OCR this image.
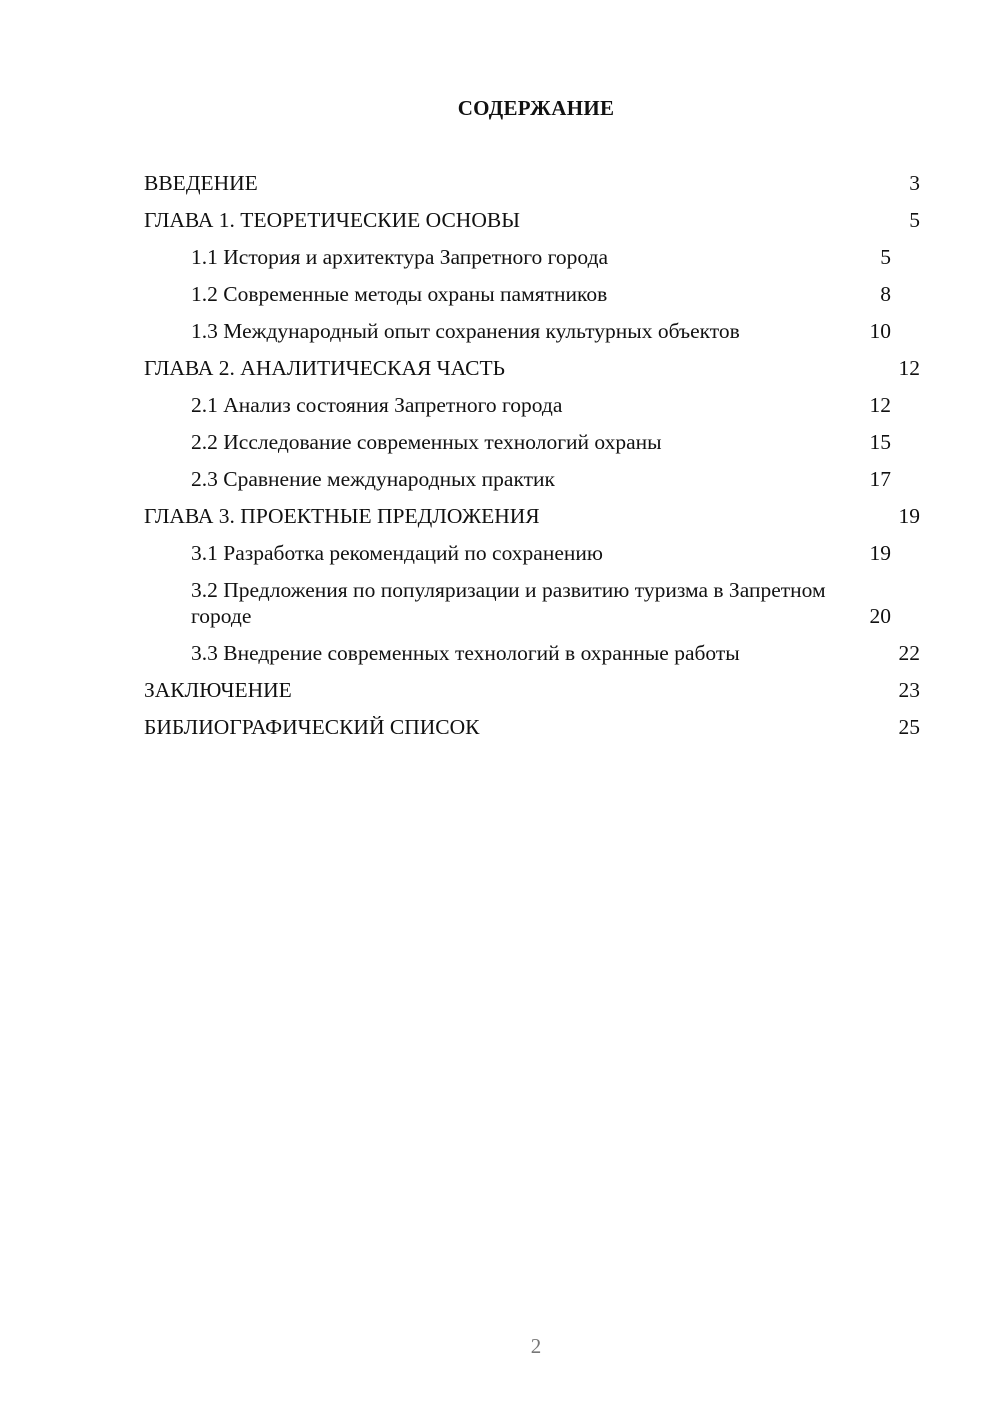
СОДЕРЖАНИЕ
ВВЕДЕНИЕ	3
ГЛАВА 1. ТЕОРЕТИЧЕСКИЕ ОСНОВЫ	5
1.1 История и архитектура Запретного города	5
1.2 Современные методы охраны памятников	8
1.3 Международный опыт сохранения культурных объектов	10
ГЛАВА 2. АНАЛИТИЧЕСКАЯ ЧАСТЬ	12
2.1 Анализ состояния Запретного города	12
2.2 Исследование современных технологий охраны	15
2.3 Сравнение международных практик	17
ГЛАВА 3. ПРОЕКТНЫЕ ПРЕДЛОЖЕНИЯ	19
3.1 Разработка рекомендаций по сохранению	19
3.2 Предложения по популяризации и развитию туризма в Запретном городе	20
3.3 Внедрение современных технологий в охранные работы	22
ЗАКЛЮЧЕНИЕ	23
БИБЛИОГРАФИЧЕСКИЙ СПИСОК	25
2
